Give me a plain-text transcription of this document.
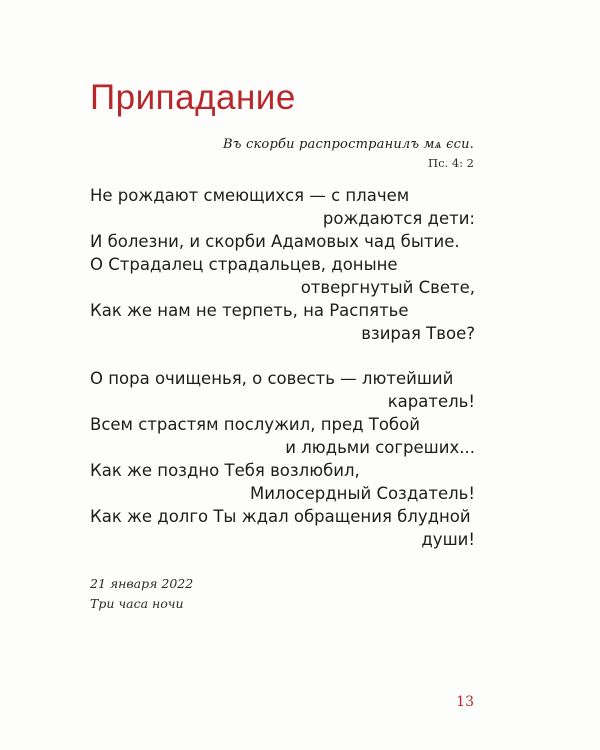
Припадание
Въ скорби распространилъ мѧ єси.
Пс. 4: 2
Не рождают смеющихся — с плачем
рождаются дети:
И болезни, и скорби Адамовых чад бытие.
О Страдалец страдальцев, доныне
отвергнутый Свете,
Как же нам не терпеть, на Распятье
взирая Твое?
О пора очищенья, о совесть — лютейший
каратель!
Всем страстям послужил, пред Тобой
и людьми согреших...
Как же поздно Тебя возлюбил,
Милосердный Создатель!
Как же долго Ты ждал обращения блудной
души!
21 января 2022
Три часа ночи
13
